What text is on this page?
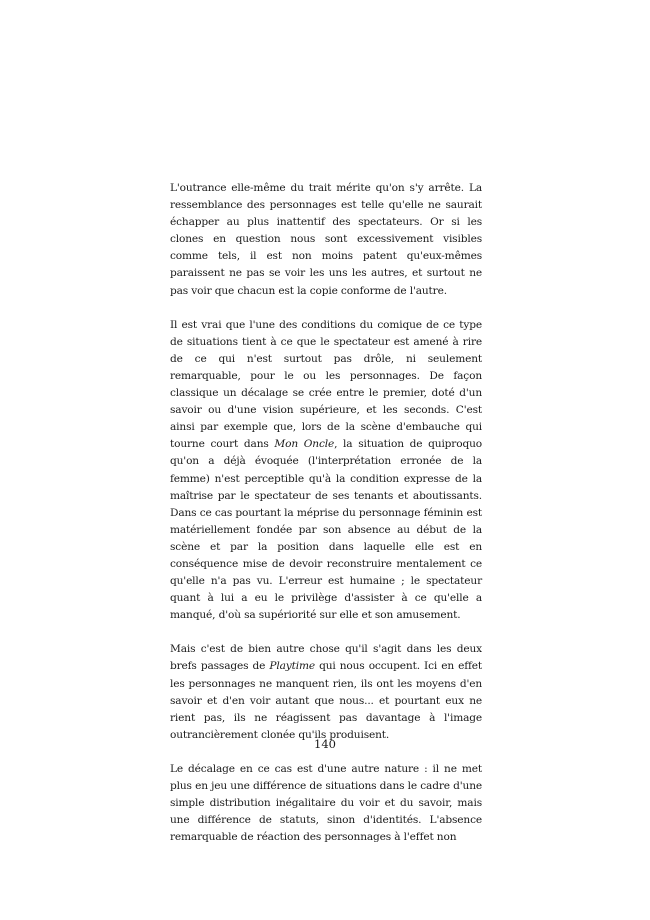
L'outrance elle-même du trait mérite qu'on s'y arrête. La ressemblance des personnages est telle qu'elle ne saurait échapper au plus inattentif des spectateurs. Or si les clones en question nous sont excessivement visibles comme tels, il est non moins patent qu'eux-mêmes paraissent ne pas se voir les uns les autres, et surtout ne pas voir que chacun est la copie conforme de l'autre.

Il est vrai que l'une des conditions du comique de ce type de situations tient à ce que le spectateur est amené à rire de ce qui n'est surtout pas drôle, ni seulement remarquable, pour le ou les personnages. De façon classique un décalage se crée entre le premier, doté d'un savoir ou d'une vision supérieure, et les seconds. C'est ainsi par exemple que, lors de la scène d'embauche qui tourne court dans Mon Oncle, la situation de quiproquo qu'on a déjà évoquée (l'interprétation erronée de la femme) n'est perceptible qu'à la condition expresse de la maîtrise par le spectateur de ses tenants et aboutissants. Dans ce cas pourtant la méprise du personnage féminin est matériellement fondée par son absence au début de la scène et par la position dans laquelle elle est en conséquence mise de devoir reconstruire mentalement ce qu'elle n'a pas vu. L'erreur est humaine ; le spectateur quant à lui a eu le privilège d'assister à ce qu'elle a manqué, d'où sa supériorité sur elle et son amusement.

Mais c'est de bien autre chose qu'il s'agit dans les deux brefs passages de Playtime qui nous occupent. Ici en effet les personnages ne manquent rien, ils ont les moyens d'en savoir et d'en voir autant que nous... et pourtant eux ne rient pas, ils ne réagissent pas davantage à l'image outrancièrement clonée qu'ils produisent.

Le décalage en ce cas est d'une autre nature : il ne met plus en jeu une différence de situations dans le cadre d'une simple distribution inégalitaire du voir et du savoir, mais une différence de statuts, sinon d'identités. L'absence remarquable de réaction des personnages à l'effet non

140
